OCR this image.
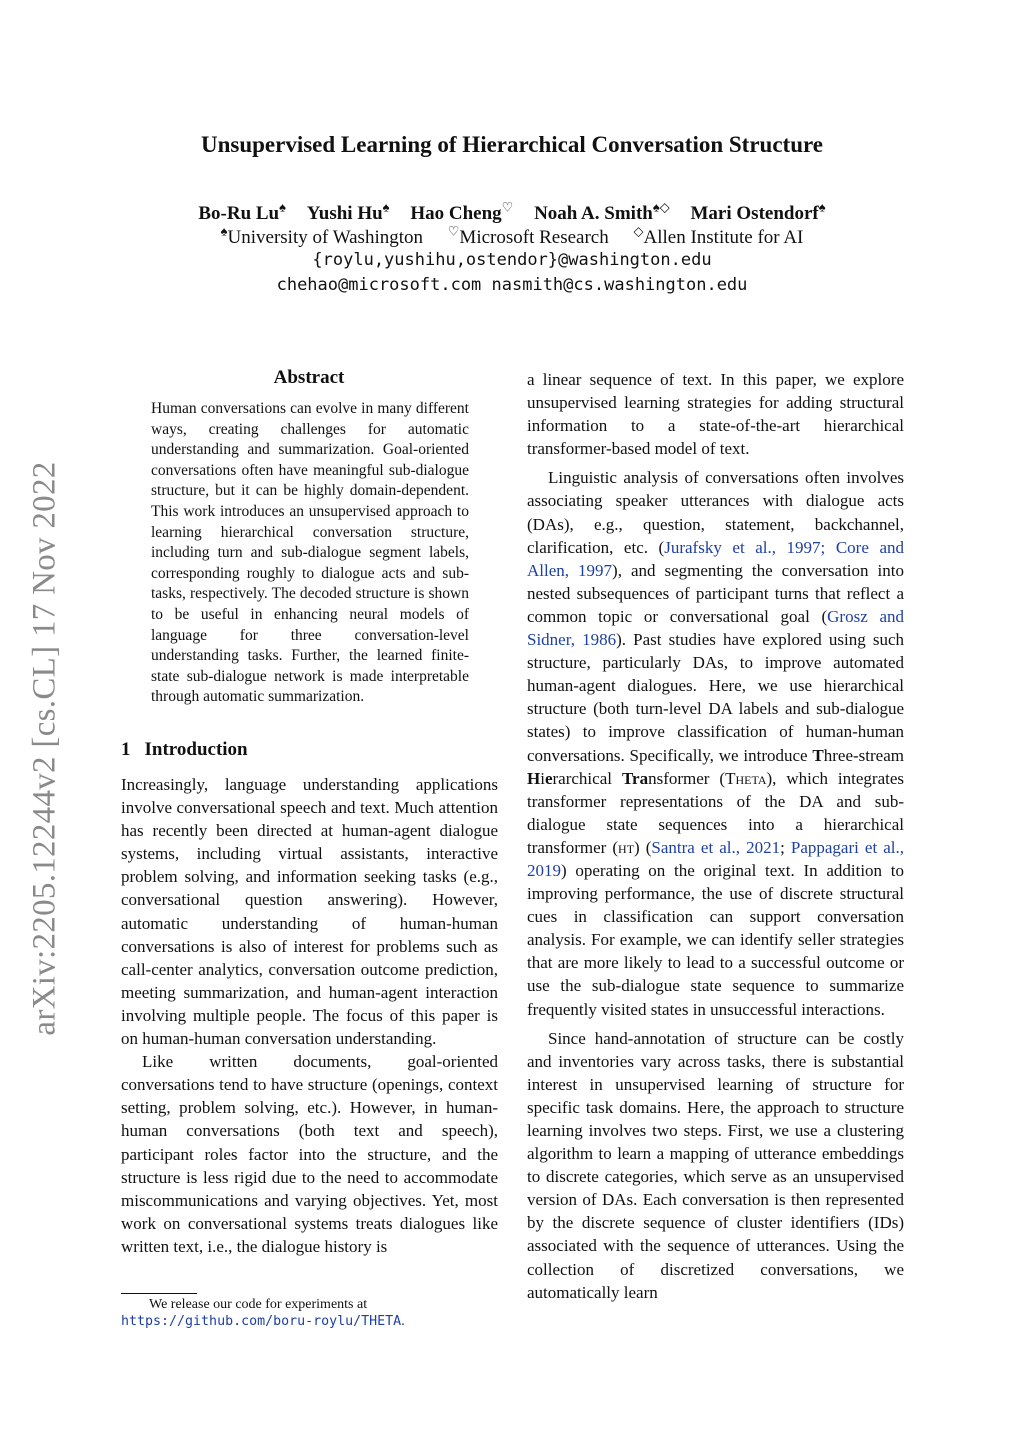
arXiv:2205.12244v2 [cs.CL] 17 Nov 2022
Unsupervised Learning of Hierarchical Conversation Structure
Bo-Ru Lu♠ Yushi Hu♠ Hao Cheng♡ Noah A. Smith♠◇ Mari Ostendorf♠
♠University of Washington ♡Microsoft Research ◇Allen Institute for AI
{roylu,yushihu,ostendor}@washington.edu
chehao@microsoft.com nasmith@cs.washington.edu
Abstract
Human conversations can evolve in many different ways, creating challenges for automatic understanding and summarization. Goal-oriented conversations often have meaningful sub-dialogue structure, but it can be highly domain-dependent. This work introduces an unsupervised approach to learning hierarchical conversation structure, including turn and sub-dialogue segment labels, corresponding roughly to dialogue acts and sub-tasks, respectively. The decoded structure is shown to be useful in enhancing neural models of language for three conversation-level understanding tasks. Further, the learned finite-state sub-dialogue network is made interpretable through automatic summarization.
1 Introduction

Increasingly, language understanding applications involve conversational speech and text. Much attention has recently been directed at human-agent dialogue systems, including virtual assistants, interactive problem solving, and information seeking tasks (e.g., conversational question answering). However, automatic understanding of human-human conversations is also of interest for problems such as call-center analytics, conversation outcome prediction, meeting summarization, and human-agent interaction involving multiple people. The focus of this paper is on human-human conversation understanding.

Like written documents, goal-oriented conversations tend to have structure (openings, context setting, problem solving, etc.). However, in human-human conversations (both text and speech), participant roles factor into the structure, and the structure is less rigid due to the need to accommodate miscommunications and varying objectives. Yet, most work on conversational systems treats dialogues like written text, i.e., the dialogue history is

a linear sequence of text. In this paper, we explore unsupervised learning strategies for adding structural information to a state-of-the-art hierarchical transformer-based model of text.

Linguistic analysis of conversations often involves associating speaker utterances with dialogue acts (DAs), e.g., question, statement, backchannel, clarification, etc. (Jurafsky et al., 1997; Core and Allen, 1997), and segmenting the conversation into nested subsequences of participant turns that reflect a common topic or conversational goal (Grosz and Sidner, 1986). Past studies have explored using such structure, particularly DAs, to improve automated human-agent dialogues. Here, we use hierarchical structure (both turn-level DA labels and sub-dialogue states) to improve classification of human-human conversations. Specifically, we introduce Three-stream Hierarchical Transformer (Theta), which integrates transformer representations of the DA and sub-dialogue state sequences into a hierarchical transformer (ht) (Santra et al., 2021; Pappagari et al., 2019) operating on the original text. In addition to improving performance, the use of discrete structural cues in classification can support conversation analysis. For example, we can identify seller strategies that are more likely to lead to a successful outcome or use the sub-dialogue state sequence to summarize frequently visited states in unsuccessful interactions.

Since hand-annotation of structure can be costly and inventories vary across tasks, there is substantial interest in unsupervised learning of structure for specific task domains. Here, the approach to structure learning involves two steps. First, we use a clustering algorithm to learn a mapping of utterance embeddings to discrete categories, which serve as an unsupervised version of DAs. Each conversation is then represented by the discrete sequence of cluster identifiers (IDs) associated with the sequence of utterances. Using the collection of discretized conversations, we automatically learn

We release our code for experiments at https://github.com/boru-roylu/THETA.
